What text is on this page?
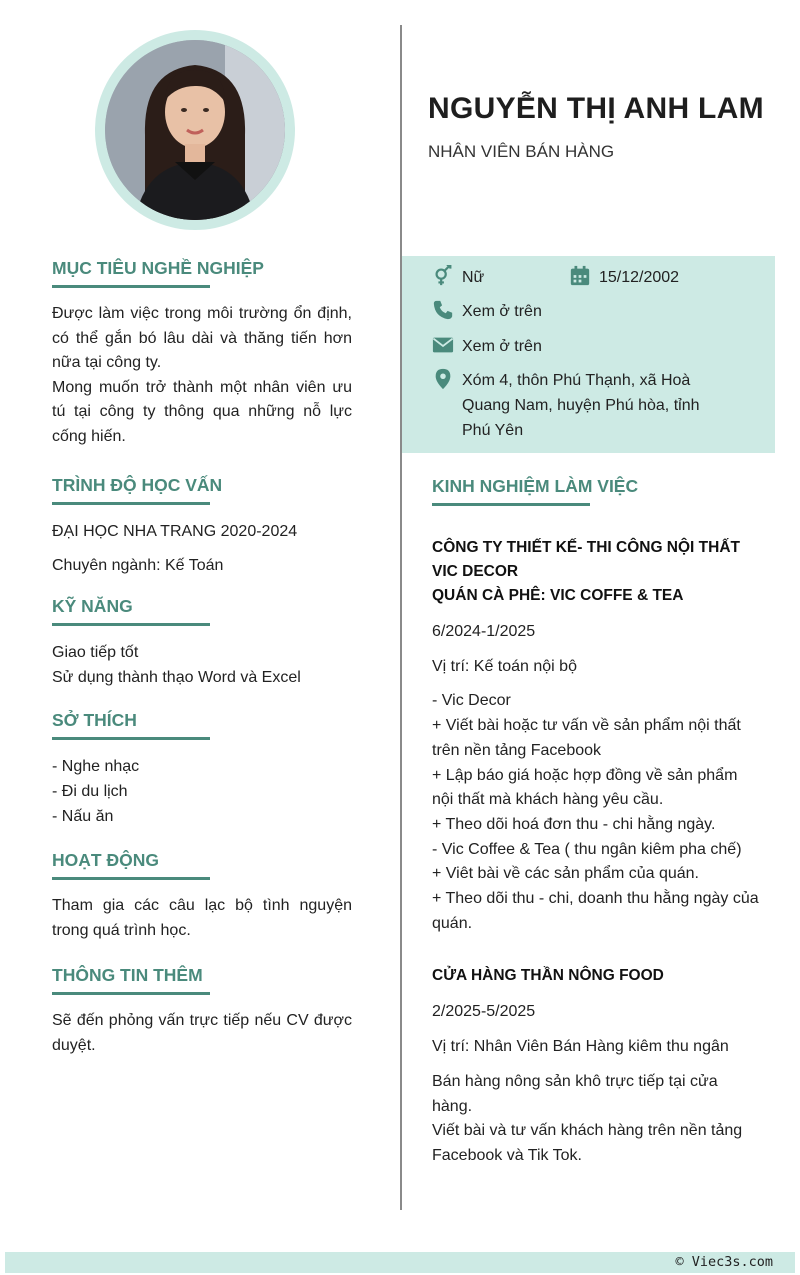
NGUYỄN THỊ ANH LAM

NHÂN VIÊN BÁN HÀNG

Nữ	15/12/2002
Xem ở trên
Xem ở trên
Xóm 4, thôn Phú Thạnh, xã Hoà Quang Nam, huyện Phú hòa, tỉnh Phú Yên
MỤC TIÊU NGHỀ NGHIỆP

Được làm việc trong môi trường ổn định, có thể gắn bó lâu dài và thăng tiến hơn nữa tại công ty.

Mong muốn trở thành một nhân viên ưu tú tại công ty thông qua những nỗ lực cống hiến.

TRÌNH ĐỘ HỌC VẤN

ĐẠI HỌC NHA TRANG 2020-2024

Chuyên ngành: Kế Toán

KỸ NĂNG

Giao tiếp tốt

Sử dụng thành thạo Word và Excel

SỞ THÍCH

- Nghe nhạc

- Đi du lịch

- Nấu ăn

HOẠT ĐỘNG

Tham gia các câu lạc bộ tình nguyện trong quá trình học.

THÔNG TIN THÊM

Sẽ đến phỏng vấn trực tiếp nếu CV được duyệt.

KINH NGHIỆM LÀM VIỆC

CÔNG TY THIẾT KẾ- THI CÔNG NỘI THẤT

VIC DECOR

QUÁN CÀ PHÊ: VIC COFFE & TEA

6/2024-1/2025

Vị trí: Kế toán nội bộ

- Vic Decor

+ Viết bài hoặc tư vấn về sản phẩm nội thất trên nền tảng Facebook

+ Lập báo giá hoặc hợp đồng về sản phẩm nội thất mà khách hàng yêu cầu.

+ Theo dõi hoá đơn thu - chi hằng ngày.

- Vic Coffee & Tea ( thu ngân kiêm pha chế)

+ Viêt bài về các sản phẩm của quán.

+ Theo dõi thu - chi, doanh thu hằng ngày của quán.

CỬA HÀNG THẦN NÔNG FOOD

2/2025-5/2025

Vị trí: Nhân Viên Bán Hàng kiêm thu ngân

Bán hàng nông sản khô trực tiếp tại cửa hàng.

Viết bài và tư vấn khách hàng trên nền tảng Facebook và Tik Tok.

© Viec3s.com
